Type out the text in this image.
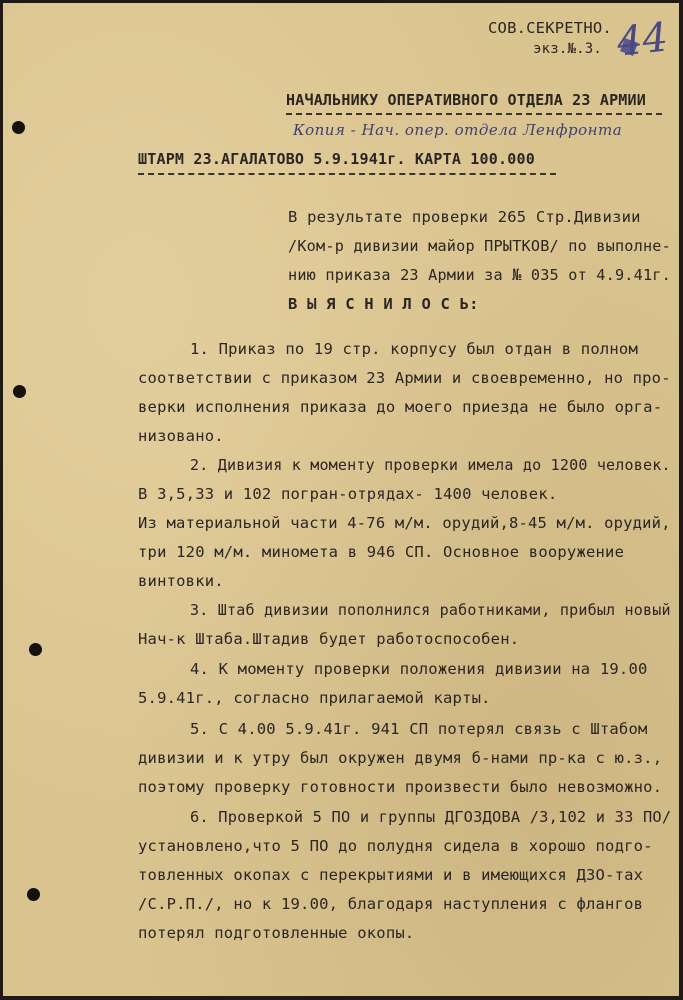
СОВ.СЕКРЕТНО.
экз.№.3. 44
НАЧАЛЬНИКУ ОПЕРАТИВНОГО ОТДЕЛА 23 АРМИИ
Копия - Нач. опер. отдела Ленфронта
ШТАРМ 23.АГАЛАТОВО 5.9.1941г. КАРТА 100.000
В результате проверки 265 Стр.Дивизии
/Ком-р дивизии майор ПРЫТКОВ/ по выполне-
нию приказа 23 Армии за № 035 от 4.9.41г.
В Ы Я С Н И Л О С Ь:
1. Приказ по 19 стр. корпусу был отдан в полном
соответствии с приказом 23 Армии и своевременно, но про-
верки исполнения приказа до моего приезда не было орга-
низовано.
2. Дивизия к моменту проверки имела до 1200 человек.
В 3,5,33 и 102 погран-отрядах- 1400 человек.
Из материальной части 4-76 м/м. орудий,8-45 м/м. орудий,
три 120 м/м. миномета в 946 СП. Основное вооружение
винтовки.
3. Штаб дивизии пополнился работниками, прибыл новый
Нач-к Штаба.Штадив будет работоспособен.
4. К моменту проверки положения дивизии на 19.00
5.9.41г., согласно прилагаемой карты.
5. С 4.00 5.9.41г. 941 СП потерял связь с Штабом
дивизии и к утру был окружен двумя б-нами пр-ка с ю.з.,
поэтому проверку готовности произвести было невозможно.
6. Проверкой 5 ПО и группы ДГОЗДОВА /3,102 и 33 ПО/
установлено,что 5 ПО до полудня сидела в хорошо подго-
товленных окопах с перекрытиями и в имеющихся ДЗО-тах
/С.Р.П./, но к 19.00, благодаря наступления с флангов
потерял подготовленные окопы.
